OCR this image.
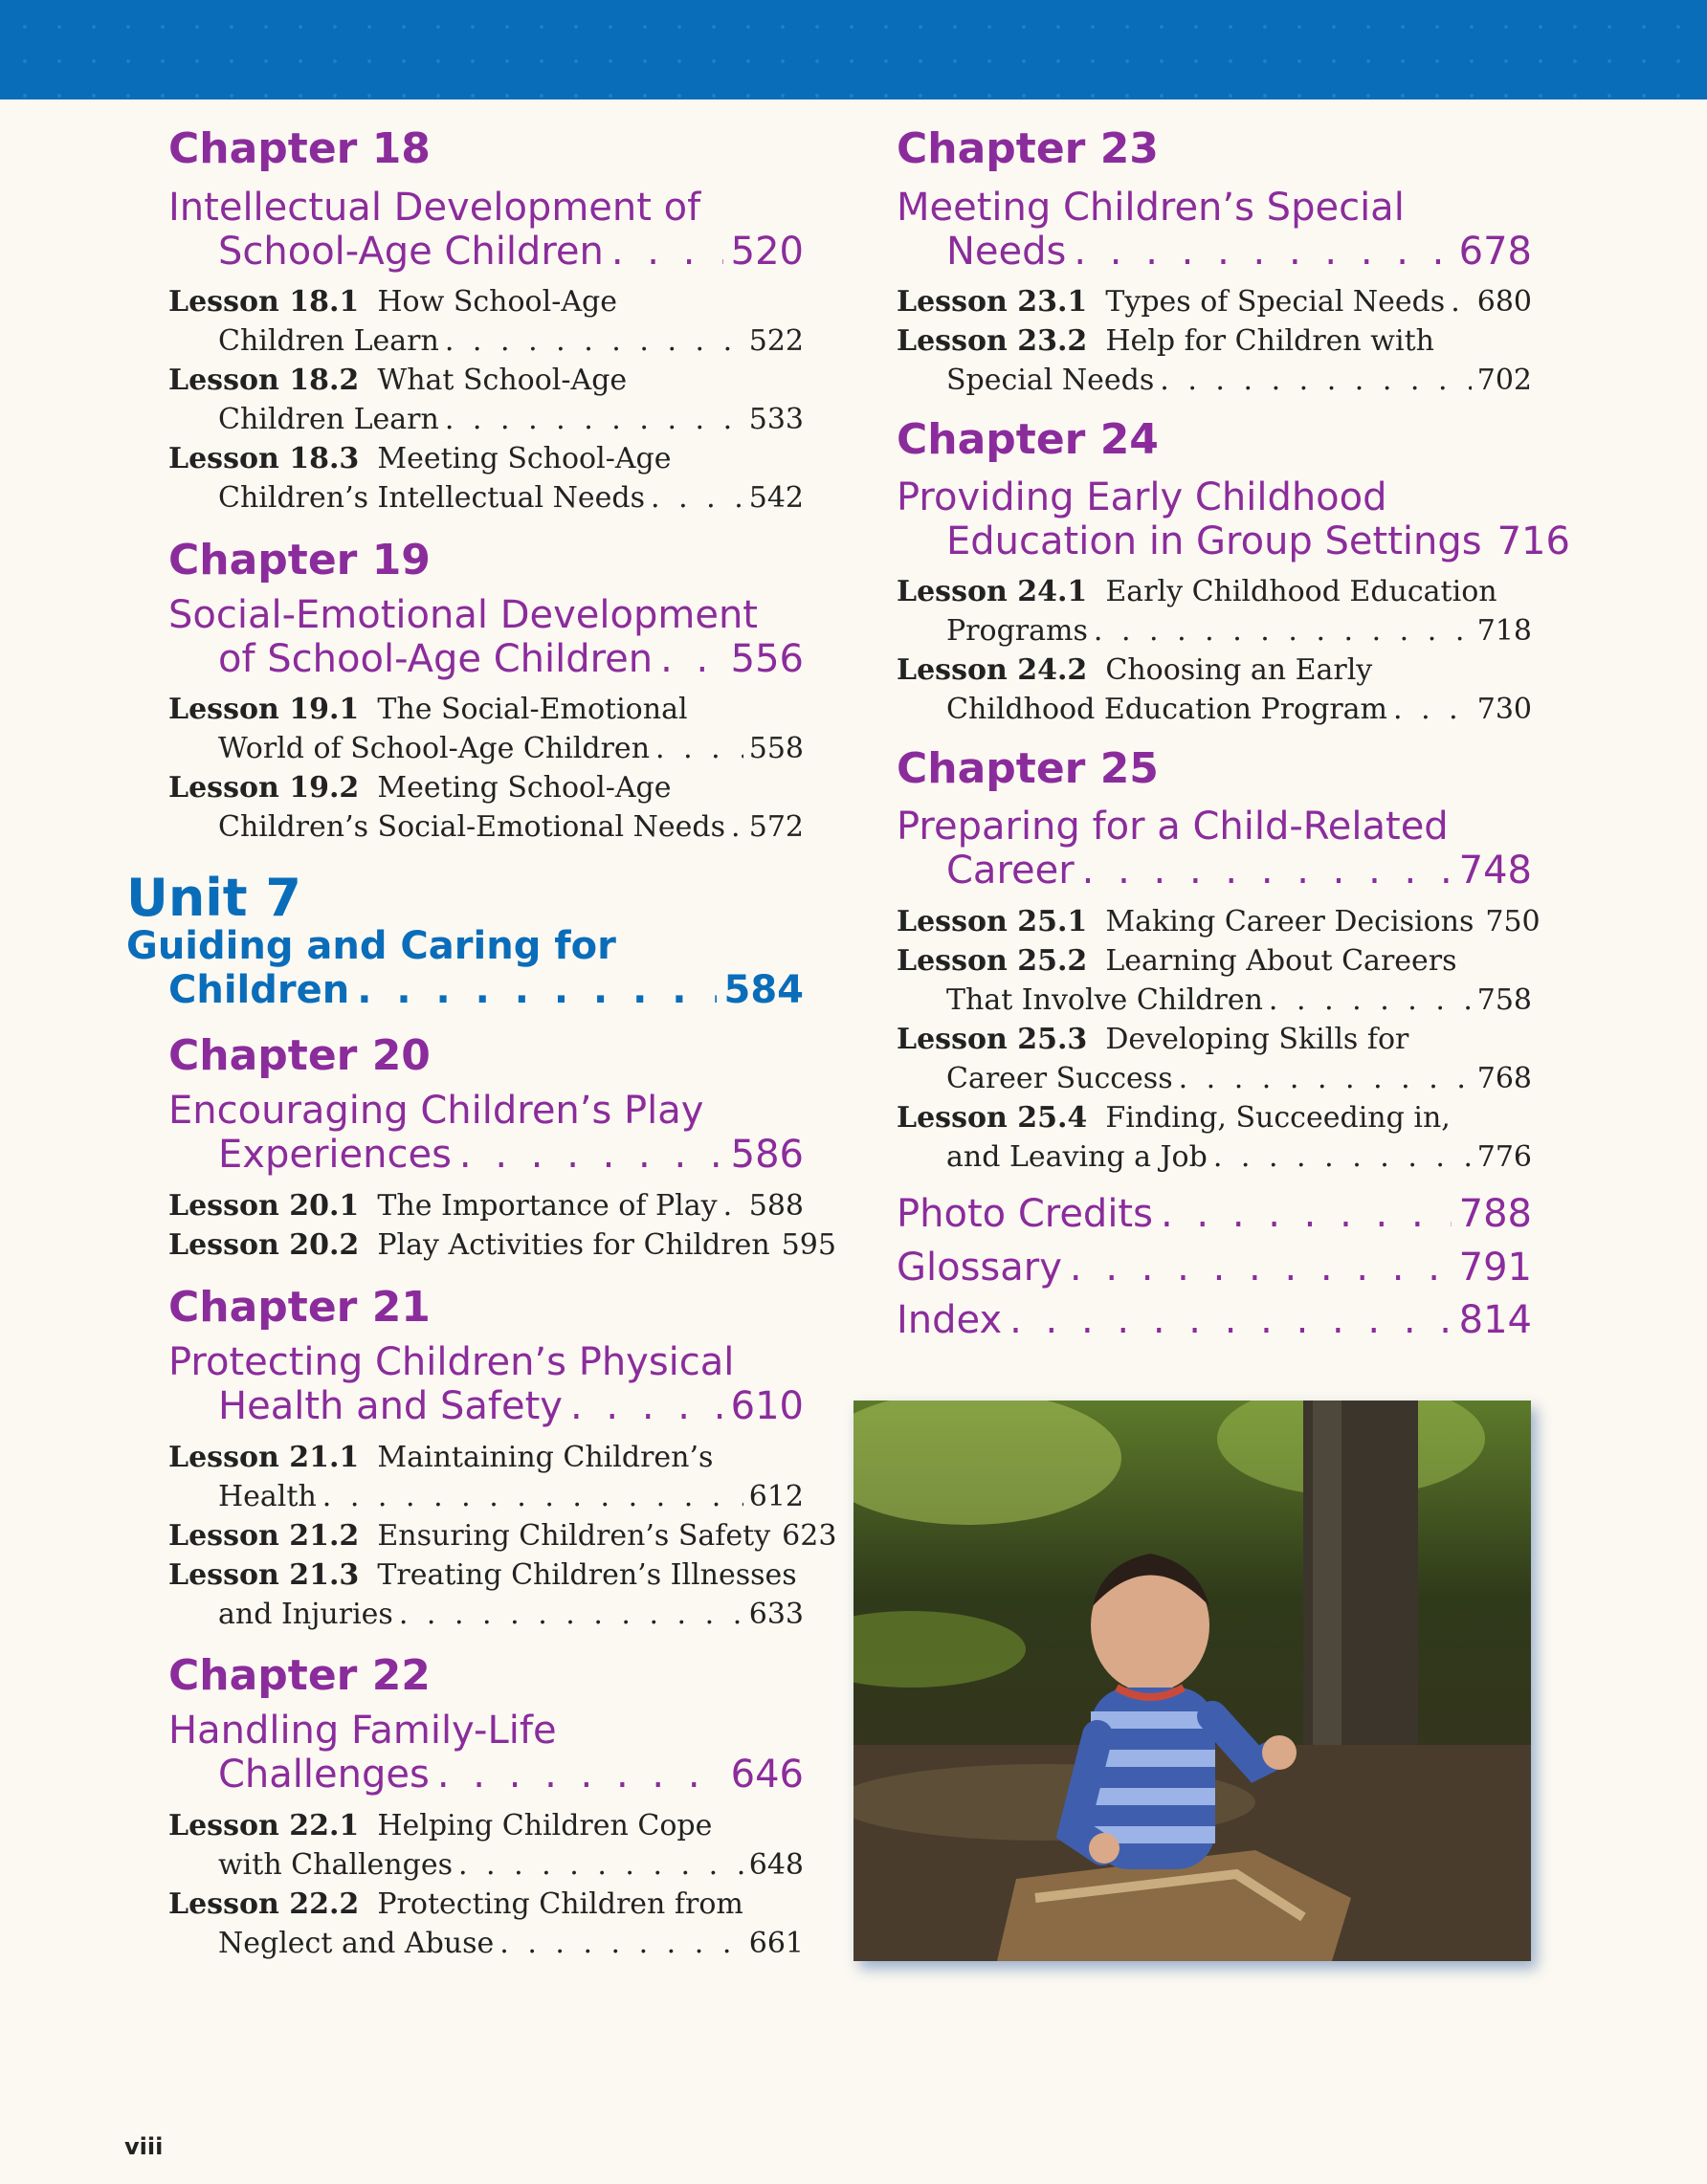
Chapter 18
Intellectual Development of
School-Age Children . . .	520
Lesson 18.1 How School-Age
Children Learn . . .	522
Lesson 18.2 What School-Age
Children Learn . . .	533
Lesson 18.3 Meeting School-Age
Children’s Intellectual Needs . . .	542
Chapter 19
Social-Emotional Development
of School-Age Children . . . 556
Lesson 19.1 The Social-Emotional
World of School-Age Children . . .	558
Lesson 19.2 Meeting School-Age
Children’s Social-Emotional Needs . . . 572
Unit 7
Guiding and Caring for
Children . . .	584
Chapter 20
Encouraging Children’s Play
Experiences . . .	586
Lesson 20.1
The Importance of Play . . . 588
Lesson 20.2
Play Activities for Children 595
Chapter 21
Protecting Children’s Physical
Health and Safety . . .	610
Lesson 21.1 Maintaining Children’s
Health . . .	612
Lesson 21.2
Ensuring Children’s Safety 623
Lesson 21.3 Treating Children’s Illnesses
and Injuries . . .	633
Chapter 22
Handling Family-Life
Challenges . . .	646
Lesson 22.1 Helping Children Cope
with Challenges . . .	648
Lesson 22.2 Protecting Children from
Neglect and Abuse . . .	661
Chapter 23
Meeting Children’s Special
Needs . . .	678
Lesson 23.1
Types of Special Needs . . . 680
Lesson 23.2 Help for Children with
Special Needs . . .	702
Chapter 24
Providing Early Childhood
Education in Group Settings 716
Lesson 24.1 Early Childhood Education
Programs . . .	718
Lesson 24.2 Choosing an Early
Childhood Education Program . . .	730
Chapter 25
Preparing for a Child-Related
Career . . .	748
Lesson 25.1
Making Career Decisions 750
Lesson 25.2 Learning About Careers
That Involve Children . . .	758
Lesson 25.3 Developing Skills for
Career Success . . .	768
Lesson 25.4 Finding, Succeeding in,
and Leaving a Job . . .	776
Photo Credits . . .	788
Glossary . . .	791
Index . . .	814
viii
